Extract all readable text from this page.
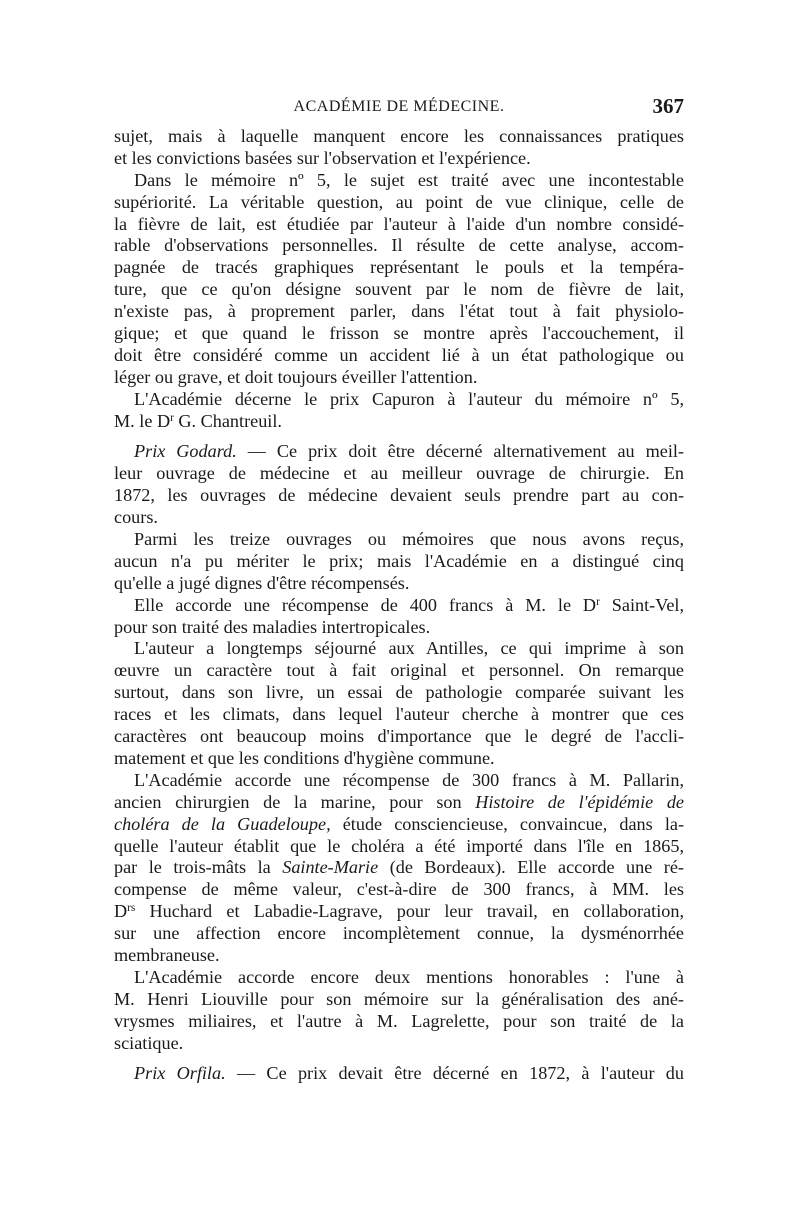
ACADÉMIE DE MÉDECINE.	367
sujet, mais à laquelle manquent encore les connaissances pratiques
et les convictions basées sur l'observation et l'expérience.
Dans le mémoire nº 5, le sujet est traité avec une incontestable
supériorité. La véritable question, au point de vue clinique, celle de
la fièvre de lait, est étudiée par l'auteur à l'aide d'un nombre considé-
rable d'observations personnelles. Il résulte de cette analyse, accom-
pagnée de tracés graphiques représentant le pouls et la tempéra-
ture, que ce qu'on désigne souvent par le nom de fièvre de lait,
n'existe pas, à proprement parler, dans l'état tout à fait physiolo-
gique; et que quand le frisson se montre après l'accouchement, il
doit être considéré comme un accident lié à un état pathologique ou
léger ou grave, et doit toujours éveiller l'attention.
L'Académie décerne le prix Capuron à l'auteur du mémoire nº 5,
M. le $D^r$ G. Chantreuil.
Prix Godard. — Ce prix doit être décerné alternativement au meil-
leur ouvrage de médecine et au meilleur ouvrage de chirurgie. En
1872, les ouvrages de médecine devaient seuls prendre part au con-
cours.
Parmi les treize ouvrages ou mémoires que nous avons reçus,
aucun n'a pu mériter le prix; mais l'Académie en a distingué cinq
qu'elle a jugé dignes d'être récompensés.
Elle accorde une récompense de 400 francs à M. le $D^r$ Saint-Vel,
pour son traité des maladies intertropicales.
L'auteur a longtemps séjourné aux Antilles, ce qui imprime à son
œuvre un caractère tout à fait original et personnel. On remarque
surtout, dans son livre, un essai de pathologie comparée suivant les
races et les climats, dans lequel l'auteur cherche à montrer que ces
caractères ont beaucoup moins d'importance que le degré de l'accli-
matement et que les conditions d'hygiène commune.
L'Académie accorde une récompense de 300 francs à M. Pallarin,
ancien chirurgien de la marine, pour son Histoire de l'épidémie de
choléra de la Guadeloupe, étude consciencieuse, convaincue, dans la-
quelle l'auteur établit que le choléra a été importé dans l'île en 1865,
par le trois-mâts la Sainte-Marie (de Bordeaux). Elle accorde une ré-
compense de même valeur, c'est-à-dire de 300 francs, à MM. les
$D^{rs}$ Huchard et Labadie-Lagrave, pour leur travail, en collaboration,
sur une affection encore incomplètement connue, la dysménorrhée
membraneuse.
L'Académie accorde encore deux mentions honorables : l'une à
M. Henri Liouville pour son mémoire sur la généralisation des ané-
vrysmes miliaires, et l'autre à M. Lagrelette, pour son traité de la
sciatique.
Prix Orfila. — Ce prix devait être décerné en 1872, à l'auteur du
